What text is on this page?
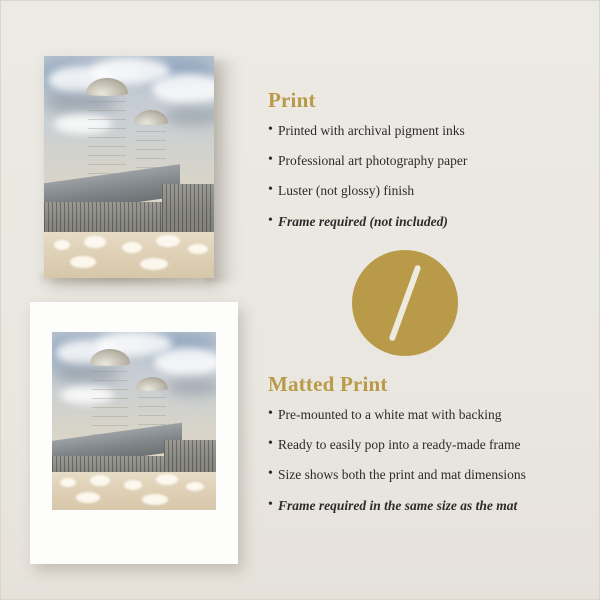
Print
• Printed with archival pigment inks
• Professional art photography paper
• Luster (not glossy) finish
• Frame required (not included)
Matted Print
• Pre-mounted to a white mat with backing
• Ready to easily pop into a ready-made frame
• Size shows both the print and mat dimensions
• Frame required in the same size as the mat
